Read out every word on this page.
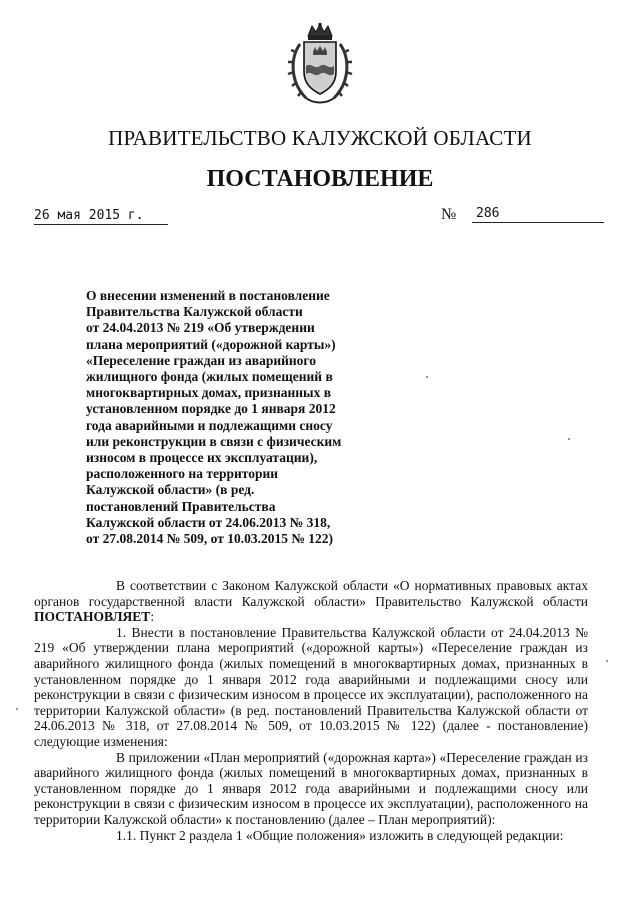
ПРАВИТЕЛЬСТВО КАЛУЖСКОЙ ОБЛАСТИ
ПОСТАНОВЛЕНИЕ
26 мая 2015 г.	№	286
О внесении изменений в постановление
Правительства Калужской области
от 24.04.2013 № 219 «Об утверждении
плана мероприятий («дорожной карты»)
«Переселение граждан из аварийного
жилищного фонда (жилых помещений в
многоквартирных домах, признанных в
установленном порядке до 1 января 2012
года аварийными и подлежащими сносу
или реконструкции в связи с физическим
износом в процессе их эксплуатации),
расположенного на территории
Калужской области» (в ред.
постановлений Правительства
Калужской области от 24.06.2013 № 318,
от 27.08.2014 № 509, от 10.03.2015 № 122)

В соответствии с Законом Калужской области «О нормативных правовых актах органов государственной власти Калужской области» Правительство Калужской области ПОСТАНОВЛЯЕТ:

1. Внести в постановление Правительства Калужской области от 24.04.2013 № 219 «Об утверждении плана мероприятий («дорожной карты») «Переселение граждан из аварийного жилищного фонда (жилых помещений в многоквартирных домах, признанных в установленном порядке до 1 января 2012 года аварийными и подлежащими сносу или реконструкции в связи с физическим износом в процессе их эксплуатации), расположенного на территории Калужской области» (в ред. постановлений Правительства Калужской области от 24.06.2013 № 318, от 27.08.2014 № 509, от 10.03.2015 № 122) (далее - постановление) следующие изменения:

В приложении «План мероприятий («дорожная карта») «Переселение граждан из аварийного жилищного фонда (жилых помещений в многоквартирных домах, признанных в установленном порядке до 1 января 2012 года аварийными и подлежащими сносу или реконструкции в связи с физическим износом в процессе их эксплуатации), расположенного на территории Калужской области» к постановлению (далее – План мероприятий):

1.1. Пункт 2 раздела 1 «Общие положения» изложить в следующей редакции:
